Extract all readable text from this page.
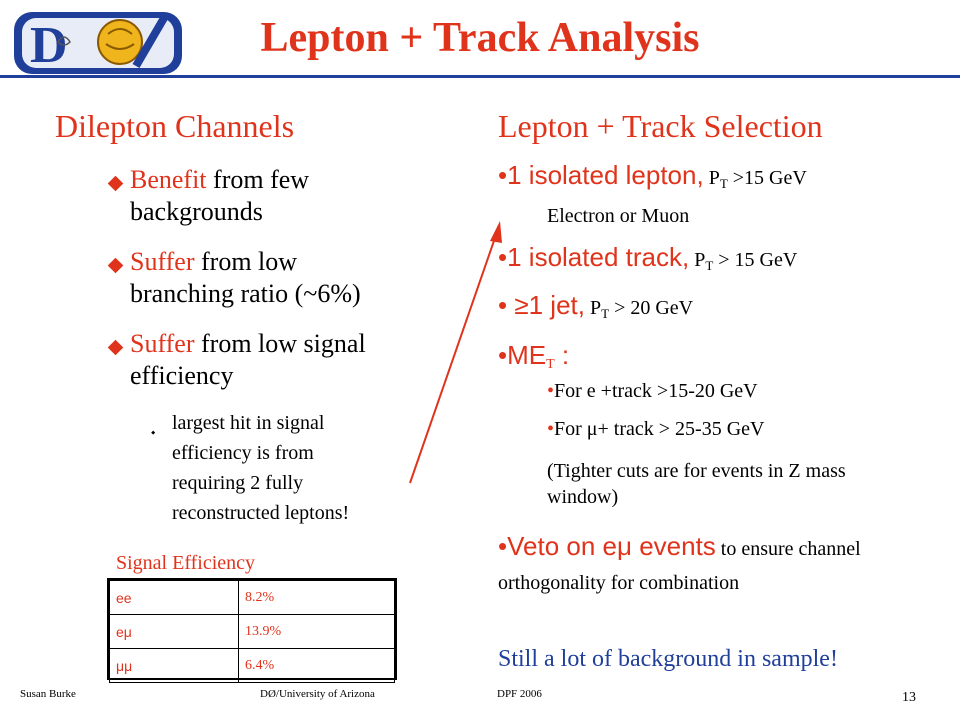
D	Lepton + Track Analysis
Dilepton Channels
Benefit from few
backgrounds
Suffer from low
branching ratio (~6%)
Suffer from low signal
efficiency
⬩ largest hit in signal
efficiency is from
requiring 2 fully
reconstructed leptons!
Signal Efficiency
ee	8.2%
eμ	13.9%
μμ	6.4%
Lepton + Track Selection
•1 isolated lepton, $P_T >15$ GeV
Electron or Muon
•1 isolated track, $P_T > 15$ GeV
• ≥1 jet, $P_T > 20$ GeV
$•ME_T$ :
•For e +track >15-20 GeV
•For μ+ track > 25-35 GeV
(Tighter cuts are for events in Z mass
window)
•Veto on eμ events to ensure channel
orthogonality for combination
Still a lot of background in sample!
Susan Burke	DØ/University of Arizona	DPF 2006	13
